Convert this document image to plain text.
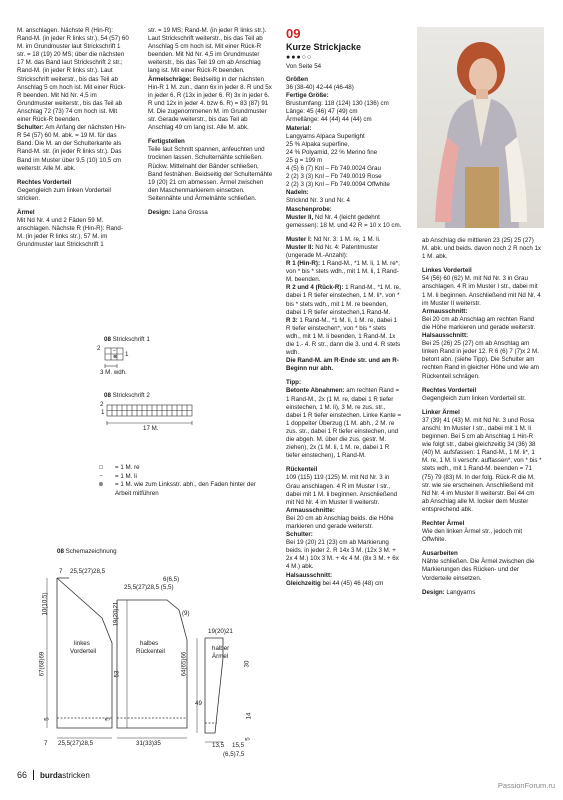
M. anschlagen. Nächste R (Hin-R): Rand-M. (in jeder R links str.), 54 (57) 60 M. im Grundmuster laut Strickschrift 1 str. = 18 (19) 20 MS; über die nächsten 17 M. das Band laut Strickschrift 2 str.; Rand-M. (in jeder R links str.). Laut Strickschrift weiterstr., bis das Teil ab Anschlag 5 cm hoch ist. Mit einer Rück-R beenden. Mit Nd Nr. 4,5 im Grundmuster weiterstr., bis das Teil ab Anschlag 72 (73) 74 cm hoch ist. Mit einer Rück-R beenden.

Schulter: Am Anfang der nächsten Hin-R 54 (57) 60 M. abk. = 19 M. für das Band. Die M. an der Schulterkante als Rand-M. str. (in jeder R links str.). Das Band im Muster über 9,5 (10) 10,5 cm weiterstr. Alle M. abk.

Rechtes Vorderteil

Gegengleich zum linken Vorderteil stricken.

Ärmel

Mit Nd Nr. 4 und 2 Fäden 59 M. anschlagen. Nächste R (Hin-R): Rand-M. (in jeder R links str.), 57 M. im Grundmuster laut Strickschrift 1

str. = 19 MS; Rand-M. (in jeder R links str.). Laut Strickschrift weiterstr., bis das Teil ab Anschlag 5 cm hoch ist. Mit einer Rück-R beenden. Mit Nd Nr. 4,5 im Grundmuster weiterstr., bis das Teil 19 cm ab Anschlag lang ist. Mit einer Rück-R beenden.

Ärmelschräge: Beidseitig in der nächsten Hin-R 1 M. zun., dann 6x in jeder 8. R und 5x in jeder 6. R (13x in jeder 6. R) 3x in jeder 6. R und 12x in jeder 4. bzw 6. R) = 83 (87) 91 M. Die zugenommenen M. im Grundmuster str. Gerade weiterstr., bis das Teil ab Anschlag 49 cm lang ist. Alle M. abk.

Fertigstellen

Teile laut Schnitt spannen, anfeuchten und trocknen lassen. Schulternähte schließen. Rückw. Mittelnaht der Bänder schließen, Band festnähen. Beidseitig der Schulternähte 19 (20) 21 cm abmessen. Ärmel zwischen den Maschenmarkierern einsetzen. Seitennähte und Ärmelnähte schließen.

Design: Lana Grossa

08 Strickschrift 1
–
⊗
2
1
3 M. wdh.
08 Strickschrift 2
2
1
17 M.
□	= 1 M. re
−	= 1 M. li
⊗	= 1 M. wie zum Linksstr. abh., den Faden hinter der Arbeit mitführen
08 Schemazeichnung
7 25,5(27)28,5
10(10,5)
67(68)69
linkes
Vorderteil
7 25,5(27)28,5
6(6,5)
25,5(27)28,5 (5,5)
19(20)21
53
halbes
Rückenteil
31(33)35
(9)
19(20)21
64(65)66
49
30
14
5
halber
Ärmel
13,5 15,5
(6,5)7,5
5	5
09
Kurze Strickjacke
●●●○○
Von Seite 54

Größen

36 (38-40) 42-44 (46-48)

Fertige Größe:

Brustumfang: 118 (124) 130 (136) cm
Länge: 45 (46) 47 (49) cm
Ärmellänge: 44 (44) 44 (44) cm

Material:

Langyarns Alpaca Superlight
25 % Alpaka superfine,
24 % Polyamid, 22 % Merino fine
25 g = 199 m
4 (5) 6 (7) Knl – Fb 749.0024 Grau
2 (2) 3 (3) Knl – Fb 749.0019 Rose
2 (2) 3 (3) Knl – Fb 749.0094 Offwhite

Nadeln:

Stricknd Nr. 3 und Nr. 4

Maschenprobe:

Muster II, Nd Nr. 4 (leicht gedehnt gemessen): 18 M. und 42 R = 10 x 10 cm.

Muster I: Nd Nr. 3: 1 M. re, 1 M. li.

Muster II: Nd Nr. 4: Patentmuster (ungerade M.-Anzahl):

R 1 (Hin-R): 1 Rand-M., *1 M. li, 1 M. re*, von * bis * stets wdh., mit 1 M. li, 1 Rand-M. beenden.

R 2 und 4 (Rück-R): 1 Rand-M., *1 M. re, dabei 1 R tiefer einstechen, 1 M. li*, von * bis * stets wdh., mit 1 M. re beenden, dabei 1 R tiefer einstechen,1 Rand-M.

R 3: 1 Rand-M., *1 M. li, 1 M. re, dabei 1 R tiefer einstechen*, von * bis * stets wdh., mit 1 M. li beenden, 1 Rand-M. 1x die 1.- 4. R str., dann die 3. und 4. R stets wdh.

Die Rand-M. am R-Ende str. und am R-Beginn nur abh.

Tipp:

Betonte Abnahmen: am rechten Rand = 1 Rand-M., 2x (1 M. re, dabei 1 R tiefer einstechen, 1 M. li), 3 M. re zus. str., dabei 1 R tiefer einstechen. Linke Kante = 1 doppelter Überzug (1 M. abh., 2 M. re zus. str., dabei 1 R tiefer einstechen, und die abgeh. M. über die zus. gestr. M. ziehen), 2x (1 M. li, 1 M. re, dabei 1 R tiefer einstechen), 1 Rand-M.

Rückenteil

109 (115) 119 (125) M. mit Nd Nr. 3 in Grau anschlagen. 4 R im Muster I str., dabei mit 1 M. li beginnen. Anschließend mit Nd Nr. 4 im Muster II weiterstr.

Armausschnitte:

Bei 20 cm ab Anschlag beids. die Höhe markieren und gerade weiterstr.

Schulter:

Bei 19 (20) 21 (23) cm ab Markierung beids. in jeder 2. R 14x 3 M. (12x 3 M. + 2x 4 M.) 10x 3 M. + 4x 4 M. (8x 3 M. + 6x 4 M.) abk.

Halsausschnitt:

Gleichzeitig bei 44 (45) 46 (48) cm

ab Anschlag die mittleren 23 (25) 25 (27) M. abk. und beids. davon noch 2 R noch 1x 1 M. abk.

Linkes Vorderteil

54 (56) 60 (62) M. mit Nd Nr. 3 in Grau anschlagen. 4 R im Muster I str., dabei mit 1 M. li beginnen. Anschließend mit Nd Nr. 4 im Muster II weiterstr.

Armausschnitt:

Bei 20 cm ab Anschlag am rechten Rand die Höhe markieren und gerade weiterstr.

Halsausschnitt:

Bei 25 (26) 25 (27) cm ab Anschlag am linken Rand in jeder 12. R 6 (6) 7 (7)x 2 M. betont abn. (siehe Tipp). Die Schulter am rechten Rand in gleicher Höhe und wie am Rückenteil schrägen.

Rechtes Vorderteil

Gegengleich zum linken Vorderteil str.

Linker Ärmel

37 (39) 41 (43) M. mit Nd Nr. 3 und Rosa anschl. Im Muster I str., dabei mit 1 M. li beginnen. Bei 5 cm ab Anschlag 1 Hin-R wie folgt str., dabei gleichzeitig 34 (36) 38 (40) M. aufsfassen: 1 Rand-M., 1 M. li*, 1 M. re, 1 M. li verschr. auffassen*, von * bis * stets wdh., mit 1 Rand-M. beenden = 71 (75) 79 (83) M. In der folg. Rück-R die M. str. wie sie erscheinen. Anschließend mit Nd Nr. 4 im Muster II weiterstr. Bei 44 cm ab Anschlag alle M. locker dem Muster entsprechend abk.

Rechter Ärmel

Wie den linken Ärmel str., jedoch mit Offwhite.

Ausarbeiten

Nähte schließen. Die Ärmel zwischen die Markierungen des Rücken- und der Vorderteile einsetzen.

Design: Langyarns

66 burdastricken
PassionForum.ru
